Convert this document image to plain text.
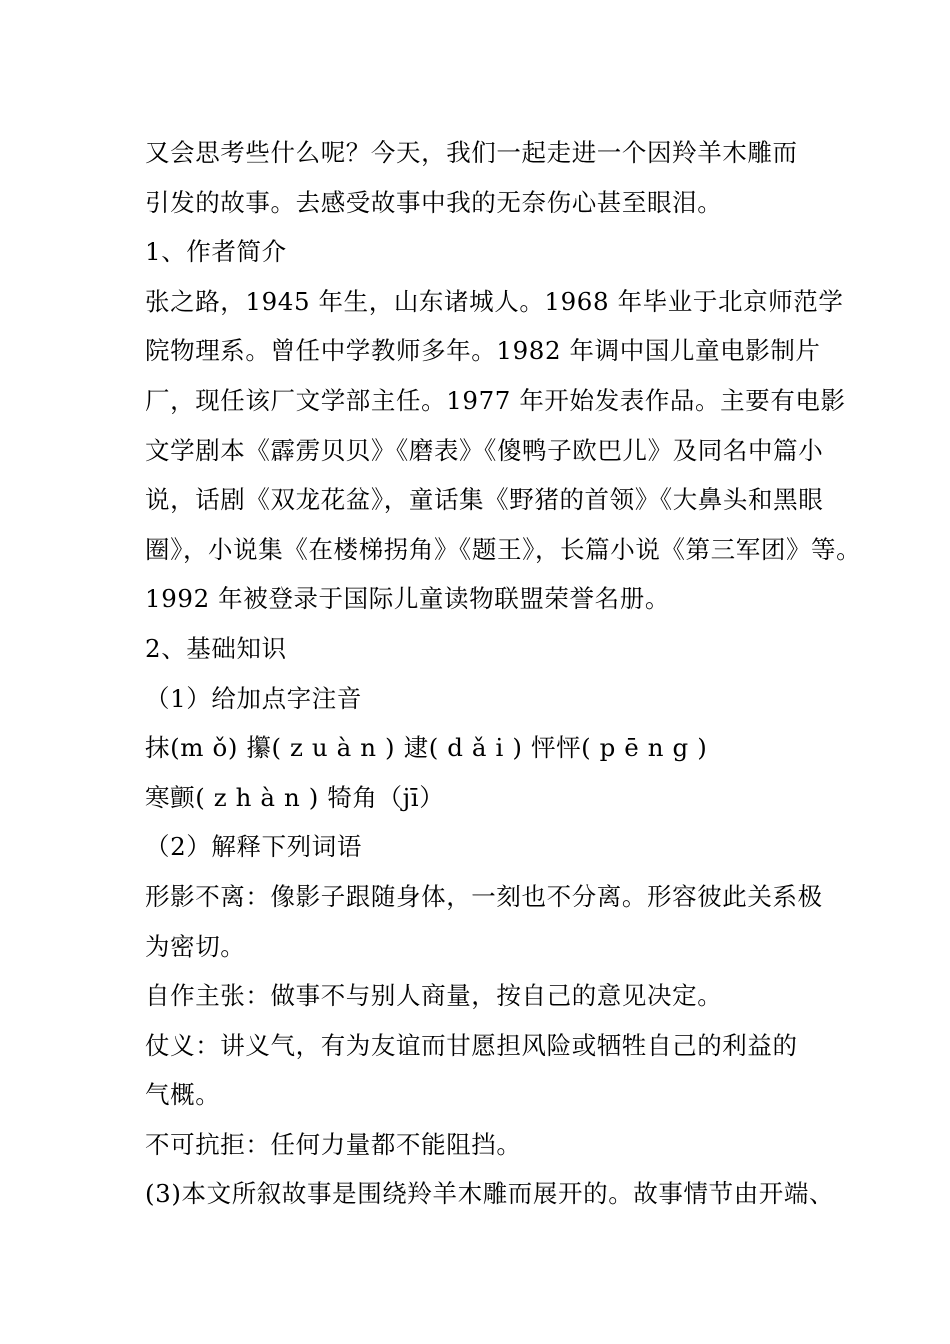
又会思考些什么呢？今天，我们一起走进一个因羚羊木雕而
引发的故事。去感受故事中我的无奈伤心甚至眼泪。
1、作者简介
张之路，1945 年生，山东诸城人。1968 年毕业于北京师范学
院物理系。曾任中学教师多年。1982 年调中国儿童电影制片
厂，现任该厂文学部主任。1977 年开始发表作品。主要有电影
文学剧本《霹雳贝贝》《磨表》《傻鸭子欧巴儿》及同名中篇小
说，话剧《双龙花盆》，童话集《野猪的首领》《大鼻头和黑眼
圈》，小说集《在楼梯拐角》《题王》，长篇小说《第三军团》等。
1992 年被登录于国际儿童读物联盟荣誉名册。
2、基础知识
（1）给加点字注音
抹(m ǒ) 攥( z u à n ) 逮( d ǎ i ) 怦怦( p ē n g )
寒颤( z h à n ) 犄角（jī）
（2）解释下列词语
形影不离：像影子跟随身体，一刻也不分离。形容彼此关系极
为密切。
自作主张：做事不与别人商量，按自己的意见决定。
仗义：讲义气，有为友谊而甘愿担风险或牺牲自己的利益的
气概。
不可抗拒：任何力量都不能阻挡。
(3)本文所叙故事是围绕羚羊木雕而展开的。故事情节由开端、
